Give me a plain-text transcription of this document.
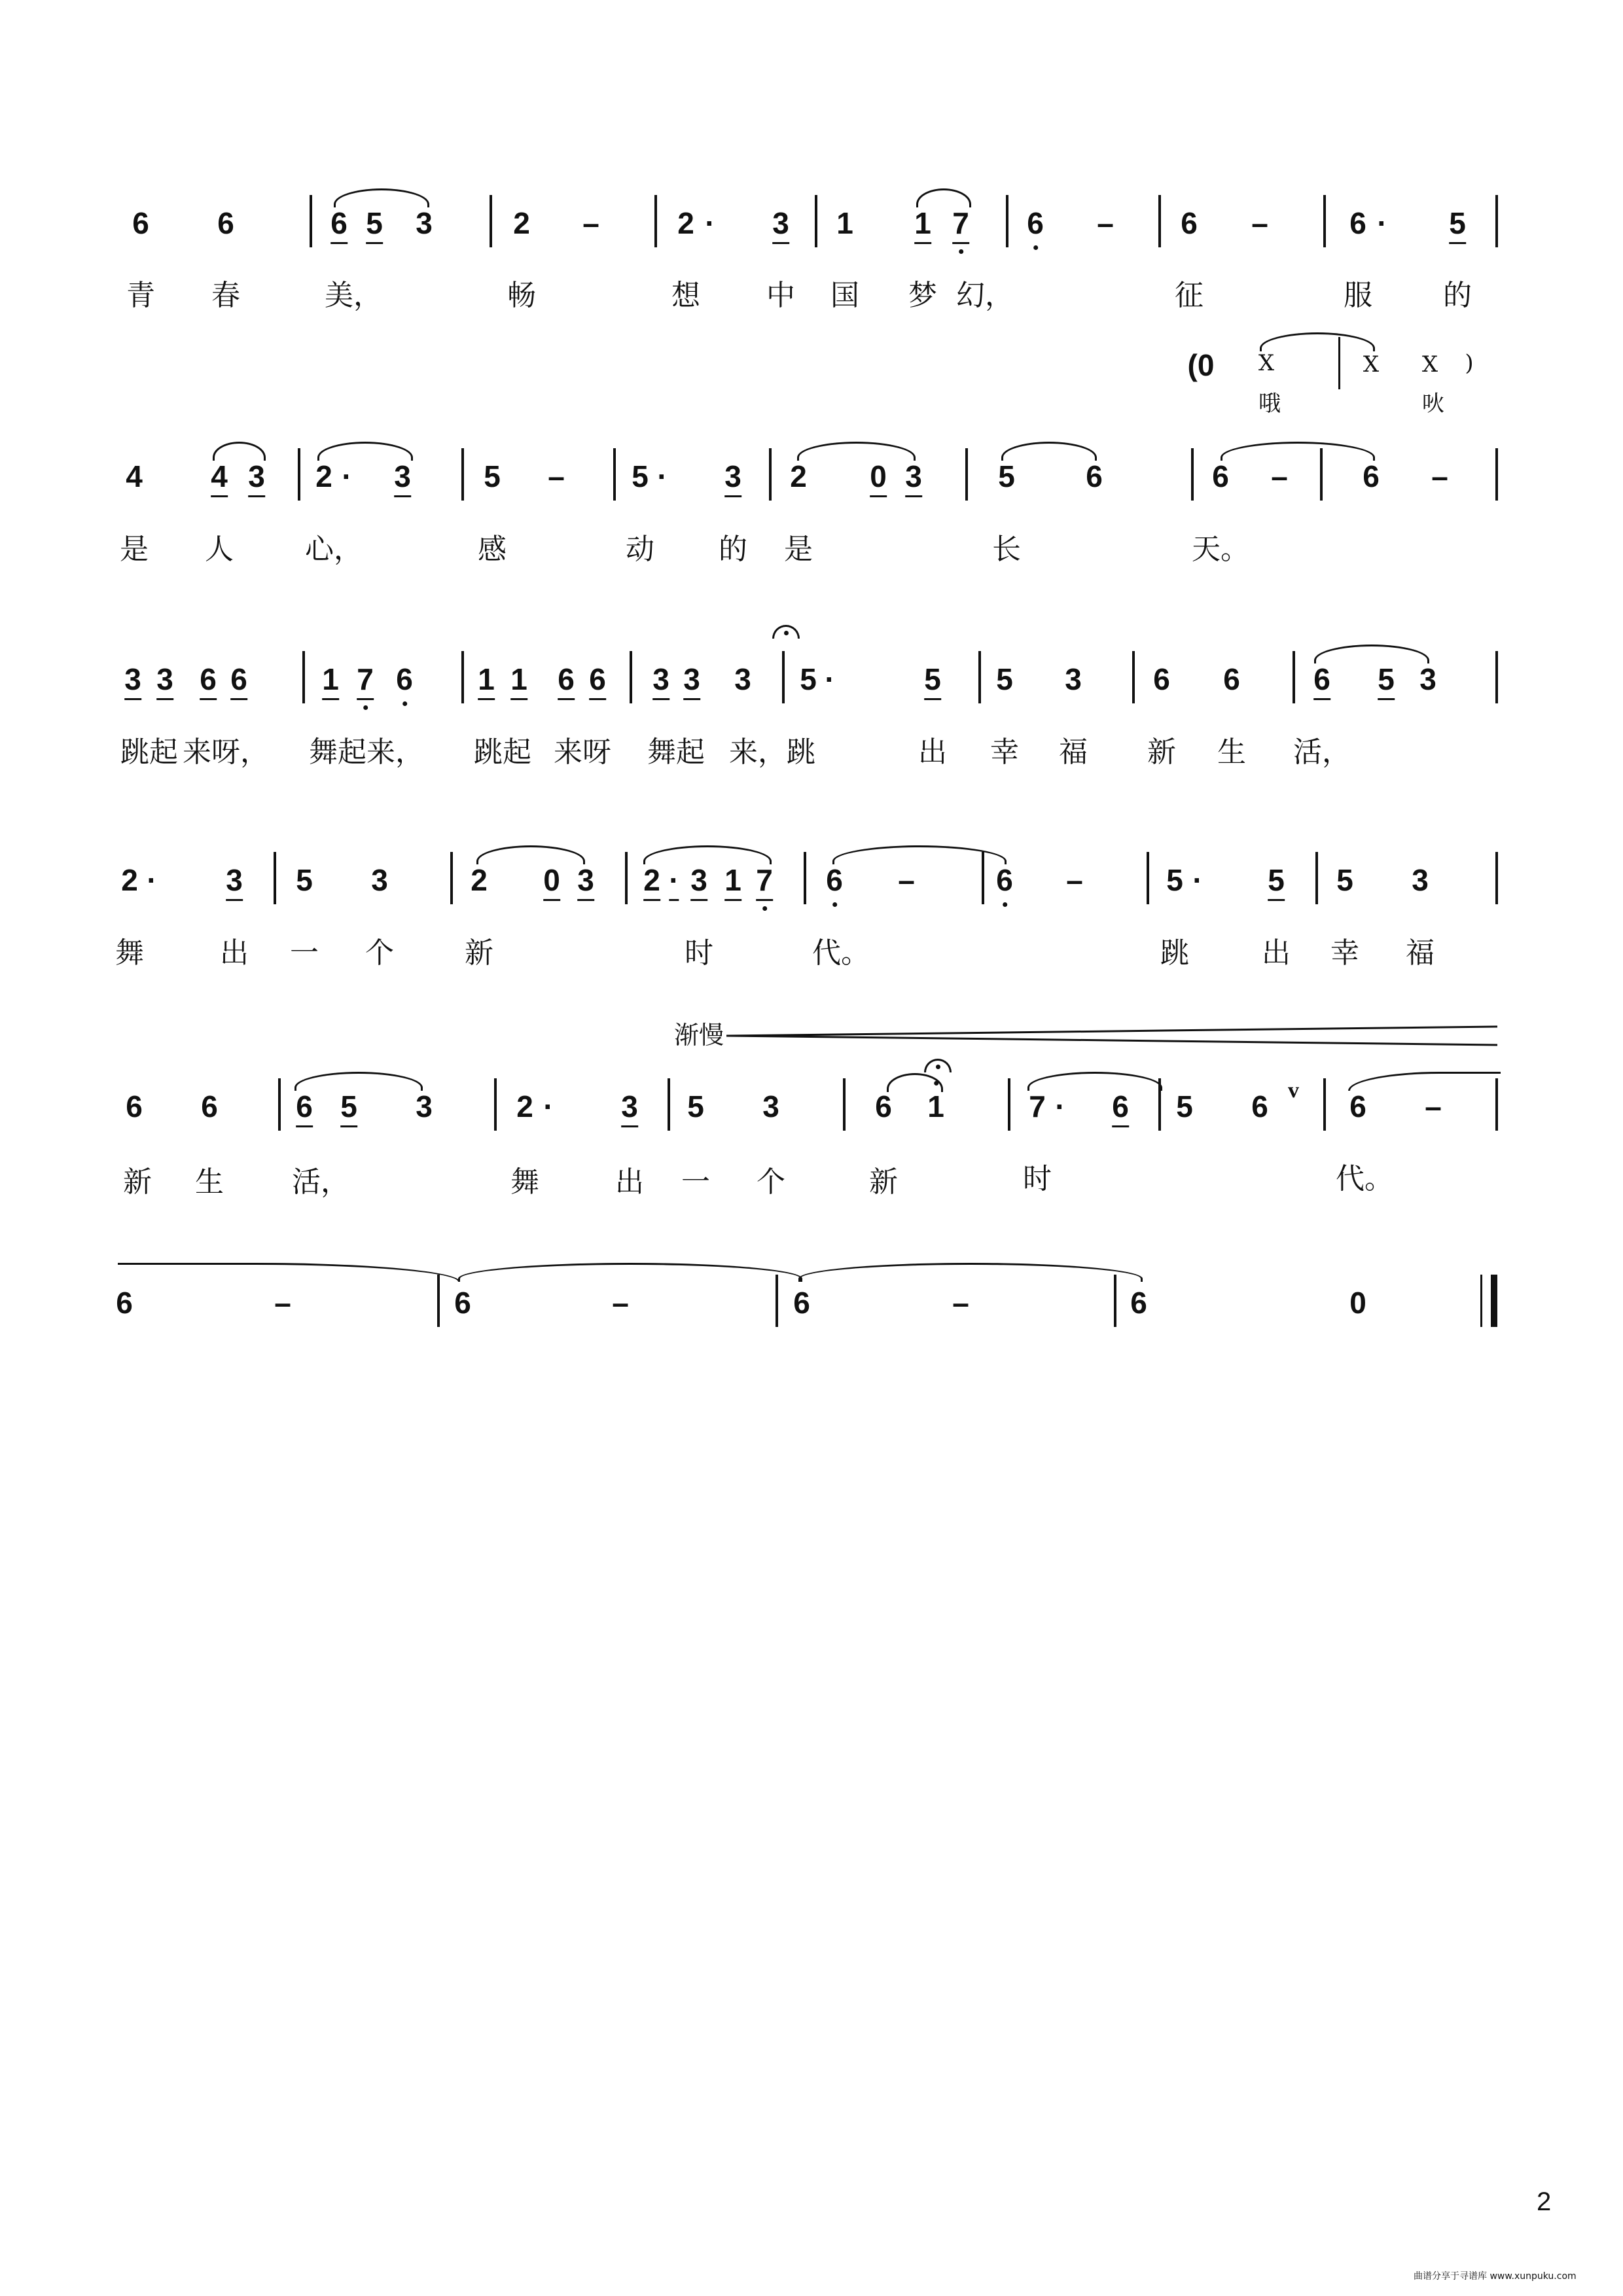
6 6	6 5 3	2 –	2 · 3 1 1 7 6 – 6 –	6 · 5
青 春	美，	畅	想 中 国 梦 幻，	征	服 的
(0 X	X X )
哦	吙
4 4 3 2 · 3 5 – 5 · 3 2 0 3	5 6	6 – 6 –
是 人 心，	感	动 的 是	长	天。
3 3 6 6 1 7 6 1 1 6 6 3 3 3 5 ·	5 5 3 6 6 6 5 3
跳起 来呀， 舞起来， 跳起 来呀 舞起 来，跳	出 幸 福 新 生 活，
2 · 3 5 3	2 0 3 2 · 3 1 7 6 –	6 –	5 · 5 5 3
舞	出 一 个 新	时	代。	跳	出 幸 福
渐慢
6 6	6 5 3	2 · 3 5 3	6 1	7 · 6 5 6 v 6 –
新 生 活，	舞	出 一 个	新	时	代。
6	–	6	–	6	–	6	0
2
曲谱分享于寻谱库 www.xunpuku.com
